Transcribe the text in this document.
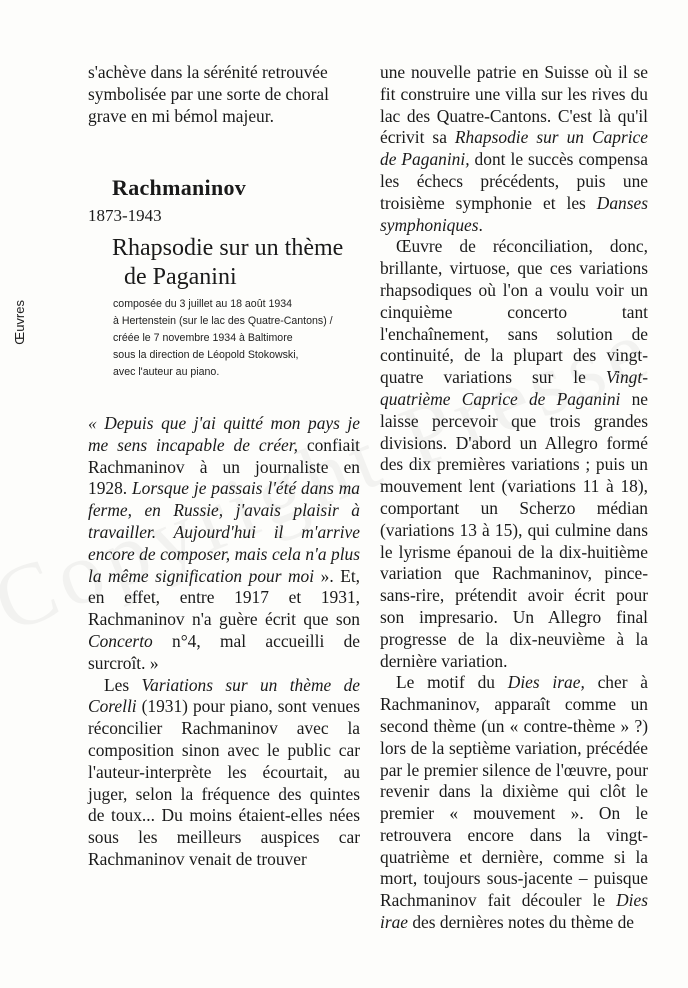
Œuvres

s'achève dans la sérénité retrouvée

symbolisée par une sorte de choral

grave en mi bémol majeur.

Rachmaninov
1873-1943
Rhapsodie sur un thème
de Paganini
composée du 3 juillet au 18 août 1934
à Hertenstein (sur le lac des Quatre-Cantons) /
créée le 7 novembre 1934 à Baltimore
sous la direction de Léopold Stokowski,
avec l'auteur au piano.

« Depuis que j'ai quitté mon pays je me sens incapable de créer, confiait Rachmaninov à un journaliste en 1928. Lorsque je passais l'été dans ma ferme, en Russie, j'avais plaisir à travailler. Aujourd'hui il m'arrive encore de composer, mais cela n'a plus la même signification pour moi ». Et, en effet, entre 1917 et 1931, Rachmaninov n'a guère écrit que son Concerto n°4, mal accueilli de surcroît. »

Les Variations sur un thème de Corelli (1931) pour piano, sont venues réconcilier Rachmaninov avec la composition sinon avec le public car l'auteur-interprète les écourtait, au juger, selon la fréquence des quintes de toux... Du moins étaient-elles nées sous les meilleurs auspices car Rachmaninov venait de trouver

une nouvelle patrie en Suisse où il se fit construire une villa sur les rives du lac des Quatre-Cantons. C'est là qu'il écrivit sa Rhapsodie sur un Caprice de Paganini, dont le succès compensa les échecs précédents, puis une troisième symphonie et les Danses symphoniques.

Œuvre de réconciliation, donc, brillante, virtuose, que ces variations rhapsodiques où l'on a voulu voir un cinquième concerto tant l'enchaînement, sans solution de continuité, de la plupart des vingt-quatre variations sur le Vingt-quatrième Caprice de Paganini ne laisse percevoir que trois grandes divisions. D'abord un Allegro formé des dix premières variations ; puis un mouvement lent (variations 11 à 18), comportant un Scherzo médian (variations 13 à 15), qui culmine dans le lyrisme épanoui de la dix-huitième variation que Rachmaninov, pince-sans-rire, prétendit avoir écrit pour son impresario. Un Allegro final progresse de la dix-neuvième à la dernière variation.

Le motif du Dies irae, cher à Rachmaninov, apparaît comme un second thème (un « contre-thème » ?) lors de la septième variation, précédée par le premier silence de l'œuvre, pour revenir dans la dixième qui clôt le premier « mouvement ». On le retrouvera encore dans la vingt-quatrième et dernière, comme si la mort, toujours sous-jacente – puisque Rachmaninov fait découler le Dies irae des dernières notes du thème de
